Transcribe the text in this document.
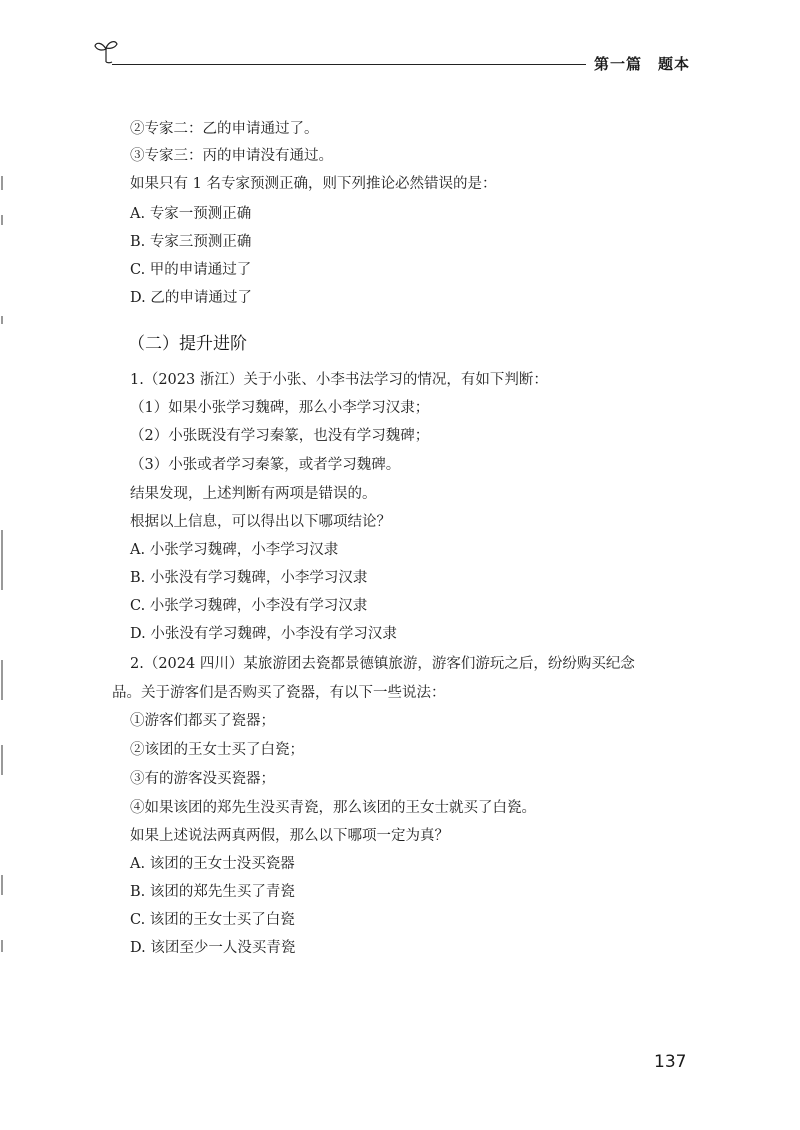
第一篇　题本
②专家二：乙的申请通过了。
③专家三：丙的申请没有通过。
如果只有 1 名专家预测正确，则下列推论必然错误的是：
A. 专家一预测正确
B. 专家三预测正确
C. 甲的申请通过了
D. 乙的申请通过了
（二）提升进阶
1.（2023 浙江）关于小张、小李书法学习的情况，有如下判断：
（1）如果小张学习魏碑，那么小李学习汉隶；
（2）小张既没有学习秦篆，也没有学习魏碑；
（3）小张或者学习秦篆，或者学习魏碑。
结果发现，上述判断有两项是错误的。
根据以上信息，可以得出以下哪项结论？
A. 小张学习魏碑，小李学习汉隶
B. 小张没有学习魏碑，小李学习汉隶
C. 小张学习魏碑，小李没有学习汉隶
D. 小张没有学习魏碑，小李没有学习汉隶
2.（2024 四川）某旅游团去瓷都景德镇旅游，游客们游玩之后，纷纷购买纪念
品。关于游客们是否购买了瓷器，有以下一些说法：
①游客们都买了瓷器；
②该团的王女士买了白瓷；
③有的游客没买瓷器；
④如果该团的郑先生没买青瓷，那么该团的王女士就买了白瓷。
如果上述说法两真两假，那么以下哪项一定为真？
A. 该团的王女士没买瓷器
B. 该团的郑先生买了青瓷
C. 该团的王女士买了白瓷
D. 该团至少一人没买青瓷
137
